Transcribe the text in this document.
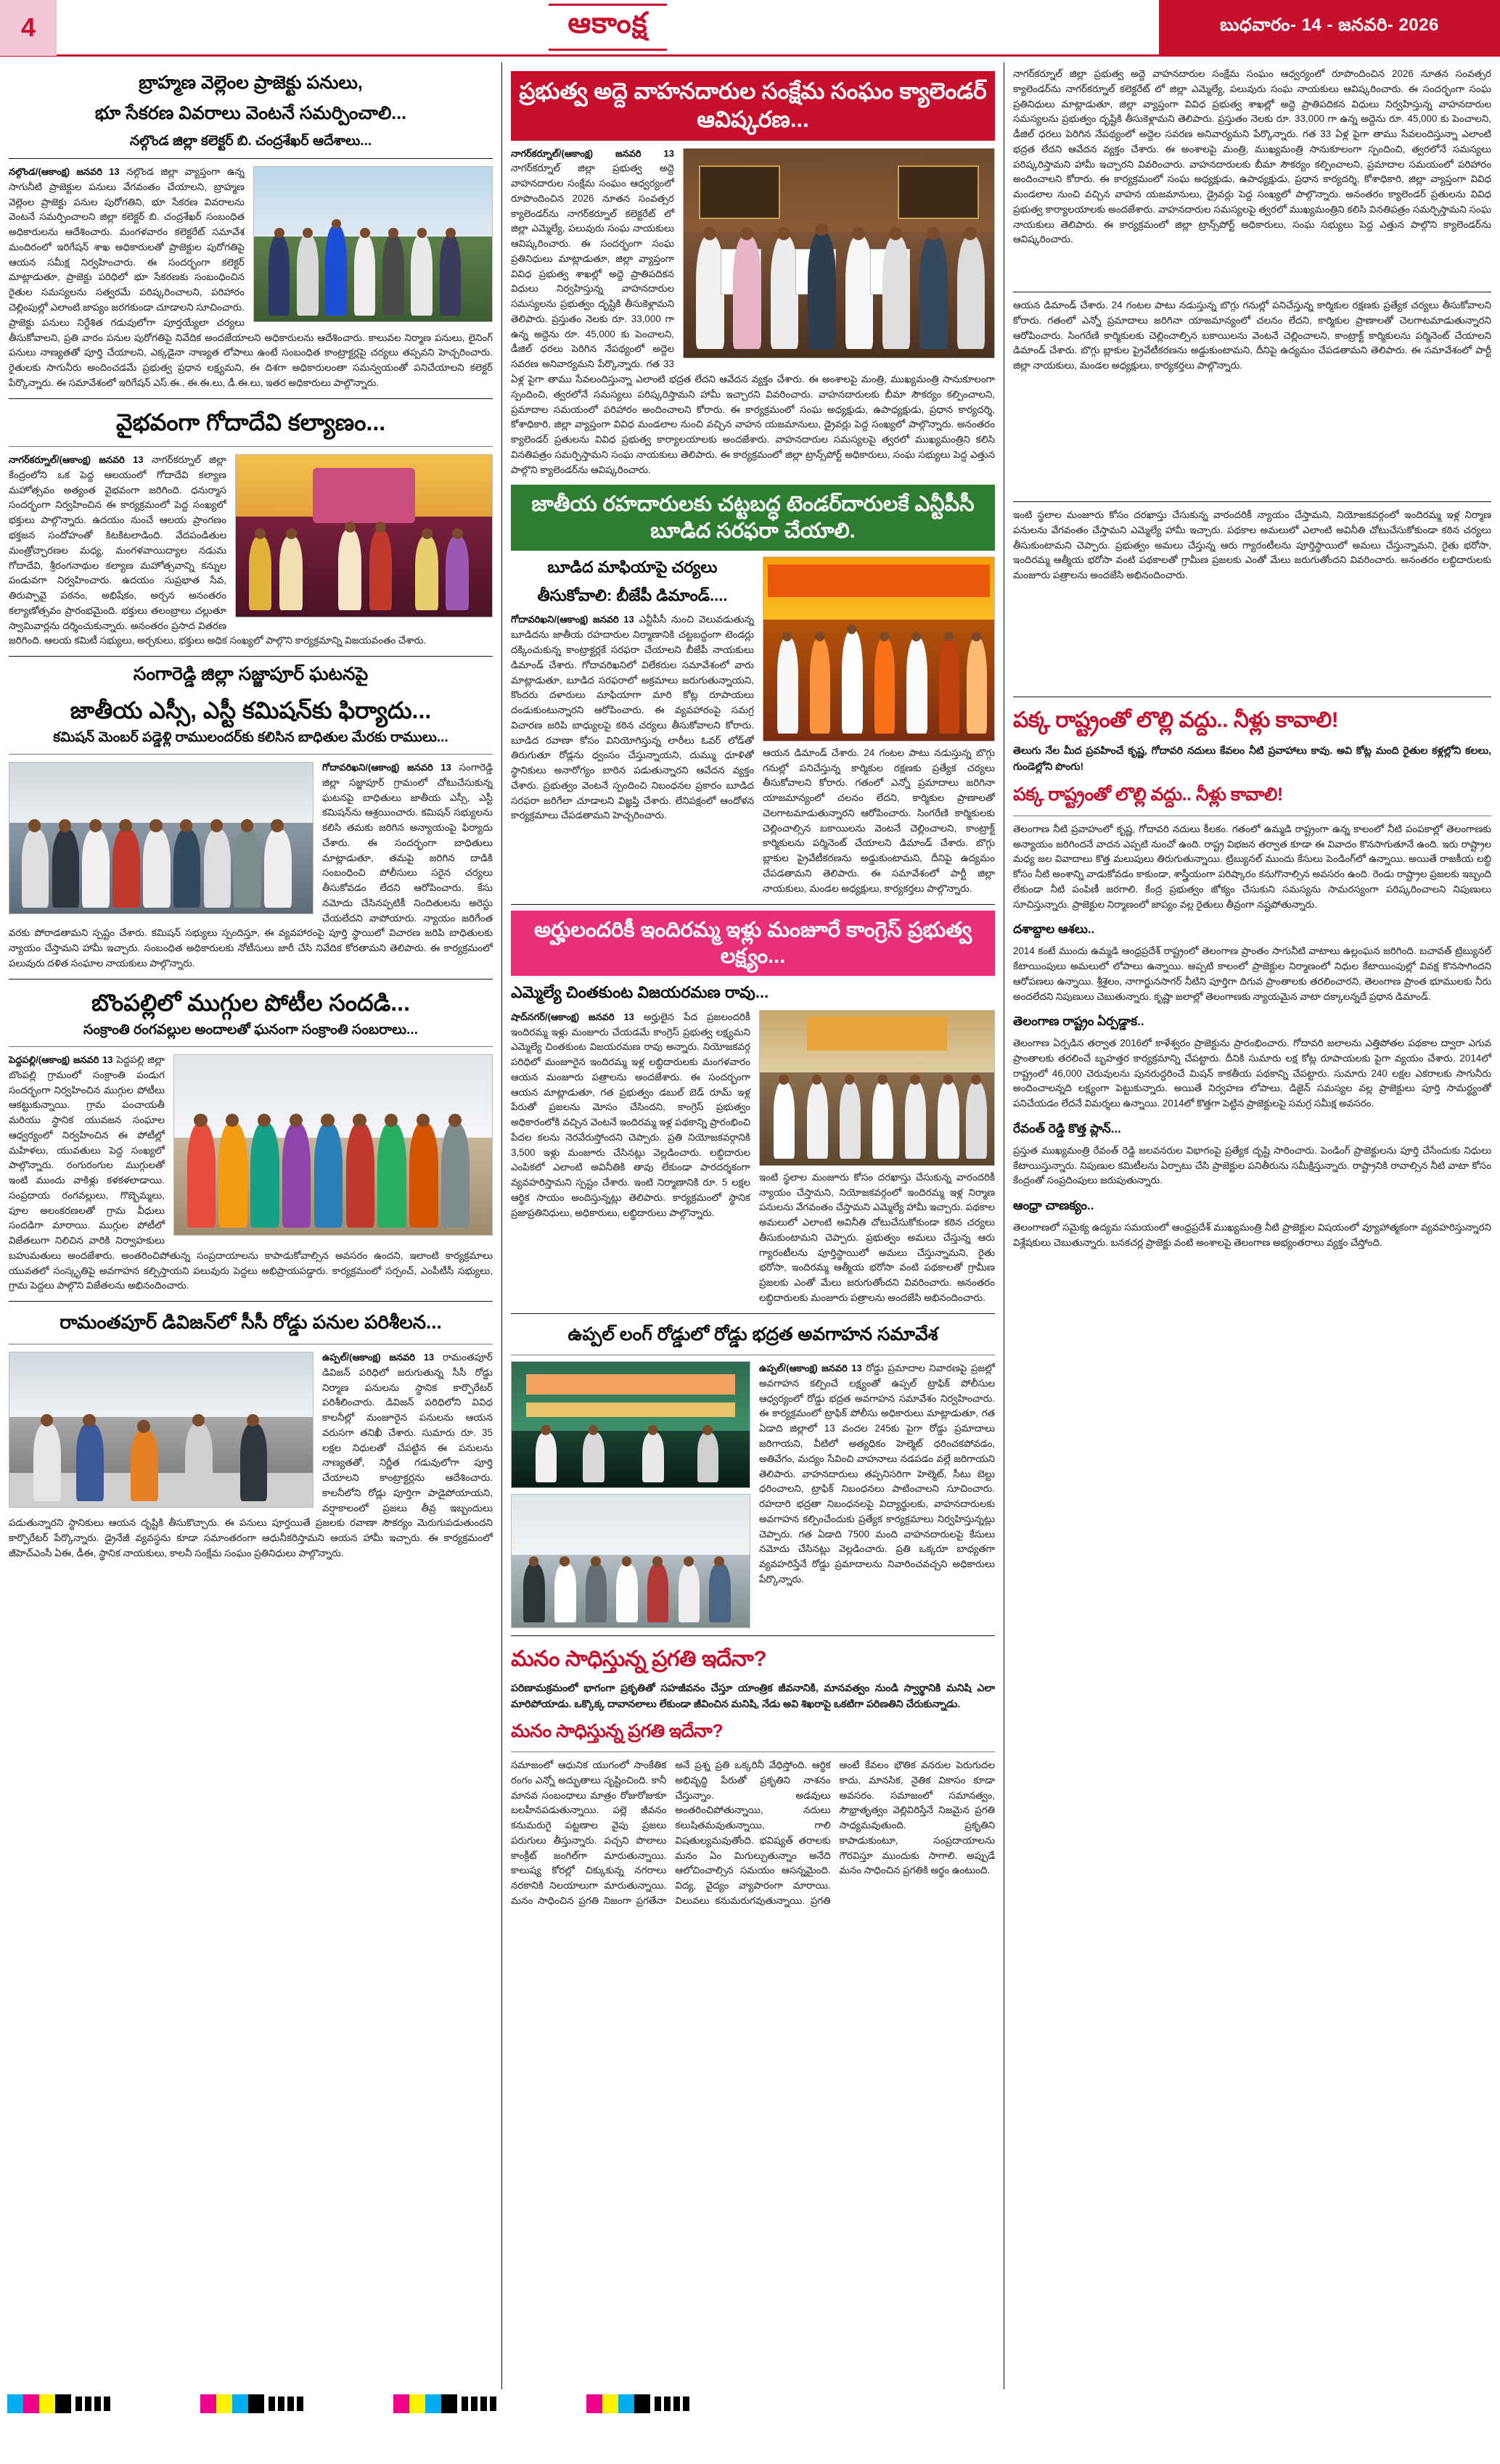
4	ఆకాంక్ష	బుధవారం- 14 - జనవరి- 2026
బ్రాహ్మణ వెల్లెంల ప్రాజెక్టు పనులు,
భూ సేకరణ వివరాలు వెంటనే సమర్పించాలి...
నల్గొండ జిల్లా కలెక్టర్ బి. చంద్రశేఖర్ ఆదేశాలు...
నల్గొండ/(ఆకాంక్ష) జనవరి 13 నల్గొండ జిల్లా వ్యాప్తంగా ఉన్న సాగునీటి ప్రాజెక్టుల పనులు వేగవంతం చేయాలని, బ్రాహ్మణ వెల్లెంల ప్రాజెక్టు పనుల పురోగతిని, భూ సేకరణ వివరాలను వెంటనే సమర్పించాలని జిల్లా కలెక్టర్ బి. చంద్రశేఖర్ సంబంధిత అధికారులను ఆదేశించారు. మంగళవారం కలెక్టరేట్ సమావేశ మందిరంలో ఇరిగేషన్ శాఖ అధికారులతో ప్రాజెక్టుల పురోగతిపై ఆయన సమీక్ష నిర్వహించారు. ఈ సందర్భంగా కలెక్టర్ మాట్లాడుతూ, ప్రాజెక్టు పరిధిలో భూ సేకరణకు సంబంధించిన రైతుల సమస్యలను సత్వరమే పరిష్కరించాలని, పరిహారం చెల్లింపుల్లో ఎలాంటి జాప్యం జరగకుండా చూడాలని సూచించారు. ప్రాజెక్టు పనులు నిర్దేశిత గడువులోగా పూర్తయ్యేలా చర్యలు తీసుకోవాలని, ప్రతి వారం పనుల పురోగతిపై నివేదిక అందజేయాలని అధికారులను ఆదేశించారు. కాలువల నిర్మాణ పనులు, లైనింగ్ పనులు నాణ్యతతో పూర్తి చేయాలని, ఎక్కడైనా నాణ్యత లోపాలు ఉంటే సంబంధిత కాంట్రాక్టర్లపై చర్యలు తప్పవని హెచ్చరించారు. రైతులకు సాగునీరు అందించడమే ప్రభుత్వ ప్రధాన లక్ష్యమని, ఈ దిశగా అధికారులంతా సమన్వయంతో పనిచేయాలని కలెక్టర్ పేర్కొన్నారు. ఈ సమావేశంలో ఇరిగేషన్ ఎస్.ఈ., ఈ.ఈ.లు, డీ.ఈ.లు, ఇతర అధికారులు పాల్గొన్నారు.
వైభవంగా గోదాదేవి కల్యాణం...
నాగర్‌కర్నూల్/(ఆకాంక్ష) జనవరి 13 నాగర్‌కర్నూల్ జిల్లా కేంద్రంలోని ఒక పెద్ద ఆలయంలో గోదాదేవి కల్యాణ మహోత్సవం అత్యంత వైభవంగా జరిగింది. ధనుర్మాస సందర్భంగా నిర్వహించిన ఈ కార్యక్రమంలో పెద్ద సంఖ్యలో భక్తులు పాల్గొన్నారు. ఉదయం నుంచే ఆలయ ప్రాంగణం భక్తజన సందోహంతో కిటకిటలాడింది. వేదపండితుల మంత్రోచ్ఛారణల మధ్య, మంగళవాయిద్యాల నడుమ గోదాదేవి, శ్రీరంగనాథుల కల్యాణ మహోత్సవాన్ని కన్నుల పండువగా నిర్వహించారు. ఉదయం సుప్రభాత సేవ, తిరుప్పావై పఠనం, అభిషేకం, అర్చన అనంతరం కల్యాణోత్సవం ప్రారంభమైంది. భక్తులు తలంబ్రాలు చల్లుతూ స్వామివార్లను దర్శించుకున్నారు. అనంతరం ప్రసాద వితరణ జరిగింది. ఆలయ కమిటీ సభ్యులు, అర్చకులు, భక్తులు అధిక సంఖ్యలో పాల్గొని కార్యక్రమాన్ని విజయవంతం చేశారు.
సంగారెడ్డి జిల్లా సజ్జాపూర్ ఘటనపై
జాతీయ ఎస్సీ, ఎస్టీ కమిషన్‌కు ఫిర్యాదు...
కమిషన్ మెంబర్ పడ్డెళ్లి రాములందర్‌కు కలిసిన బాధితుల మేరకు రాములు...
గోదావరిఖని/(ఆకాంక్ష) జనవరి 13 సంగారెడ్డి జిల్లా సజ్జాపూర్ గ్రామంలో చోటుచేసుకున్న ఘటనపై బాధితులు జాతీయ ఎస్సీ, ఎస్టీ కమిషన్‌ను ఆశ్రయించారు. కమిషన్ సభ్యులను కలిసి తమకు జరిగిన అన్యాయంపై ఫిర్యాదు చేశారు. ఈ సందర్భంగా బాధితులు మాట్లాడుతూ, తమపై జరిగిన దాడికి సంబంధించి పోలీసులు సరైన చర్యలు తీసుకోవడం లేదని ఆరోపించారు. కేసు నమోదు చేసినప్పటికీ నిందితులను అరెస్టు చేయలేదని వాపోయారు. న్యాయం జరిగేంత వరకు పోరాడతామని స్పష్టం చేశారు. కమిషన్ సభ్యులు స్పందిస్తూ, ఈ వ్యవహారంపై పూర్తి స్థాయిలో విచారణ జరిపి బాధితులకు న్యాయం చేస్తామని హామీ ఇచ్చారు. సంబంధిత అధికారులకు నోటీసులు జారీ చేసి నివేదిక కోరతామని తెలిపారు. ఈ కార్యక్రమంలో పలువురు దళిత సంఘాల నాయకులు పాల్గొన్నారు.
బొంపల్లిలో ముగ్గుల పోటీల సందడి...
సంక్రాంతి రంగవల్లుల అందాలతో ఘనంగా సంక్రాంతి సంబరాలు...
పెద్దపల్లి/(ఆకాంక్ష) జనవరి 13 పెద్దపల్లి జిల్లా బొంపల్లి గ్రామంలో సంక్రాంతి పండుగ సందర్భంగా నిర్వహించిన ముగ్గుల పోటీలు ఆకట్టుకున్నాయి. గ్రామ పంచాయతీ మరియు స్థానిక యువజన సంఘాల ఆధ్వర్యంలో నిర్వహించిన ఈ పోటీల్లో మహిళలు, యువతులు పెద్ద సంఖ్యలో పాల్గొన్నారు. రంగురంగుల ముగ్గులతో ఇంటి ముందు వాకిళ్లు కళకళలాడాయి. సంప్రదాయ రంగవల్లులు, గొబ్బెమ్మలు, పూల అలంకరణలతో గ్రామ వీధులు సందడిగా మారాయి. ముగ్గుల పోటీలో విజేతలుగా నిలిచిన వారికి నిర్వాహకులు బహుమతులు అందజేశారు. అంతరించిపోతున్న సంప్రదాయాలను కాపాడుకోవాల్సిన అవసరం ఉందని, ఇలాంటి కార్యక్రమాలు యువతలో సంస్కృతిపై అవగాహన కల్పిస్తాయని పలువురు పెద్దలు అభిప్రాయపడ్డారు. కార్యక్రమంలో సర్పంచ్, ఎంపీటీసీ సభ్యులు, గ్రామ పెద్దలు పాల్గొని విజేతలను అభినందించారు.
రామంతపూర్ డివిజన్‌లో సీసీ రోడ్డు పనుల పరిశీలన...
ఉప్పల్/(ఆకాంక్ష) జనవరి 13 రామంతపూర్ డివిజన్ పరిధిలో జరుగుతున్న సీసీ రోడ్డు నిర్మాణ పనులను స్థానిక కార్పొరేటర్ పరిశీలించారు. డివిజన్ పరిధిలోని వివిధ కాలనీల్లో మంజూరైన పనులను ఆయన వరుసగా తనిఖీ చేశారు. సుమారు రూ. 35 లక్షల నిధులతో చేపట్టిన ఈ పనులను నాణ్యతతో, నిర్ణీత గడువులోగా పూర్తి చేయాలని కాంట్రాక్టర్లను ఆదేశించారు. కాలనీలోని రోడ్లు పూర్తిగా పాడైపోయాయని, వర్షాకాలంలో ప్రజలు తీవ్ర ఇబ్బందులు పడుతున్నారని స్థానికులు ఆయన దృష్టికి తీసుకొచ్చారు. ఈ పనులు పూర్తయితే ప్రజలకు రవాణా సౌకర్యం మెరుగుపడుతుందని కార్పొరేటర్ పేర్కొన్నారు. డ్రైనేజీ వ్యవస్థను కూడా సమాంతరంగా ఆధునీకరిస్తామని ఆయన హామీ ఇచ్చారు. ఈ కార్యక్రమంలో జీహెచ్ఎంసీ ఏఈ, డీఈ, స్థానిక నాయకులు, కాలనీ సంక్షేమ సంఘం ప్రతినిధులు పాల్గొన్నారు.
ప్రభుత్వ అద్దె వాహనదారుల సంక్షేమ సంఘం క్యాలెండర్ ఆవిష్కరణ...
నాగర్‌కర్నూల్/(ఆకాంక్ష) జనవరి 13 నాగర్‌కర్నూల్ జిల్లా ప్రభుత్వ అద్దె వాహనదారుల సంక్షేమ సంఘం ఆధ్వర్యంలో రూపొందించిన 2026 నూతన సంవత్సర క్యాలెండర్‌ను నాగర్‌కర్నూల్ కలెక్టరేట్ లో జిల్లా ఎమ్మెల్యే, పలువురు సంఘ నాయకులు ఆవిష్కరించారు. ఈ సందర్భంగా సంఘ ప్రతినిధులు మాట్లాడుతూ, జిల్లా వ్యాప్తంగా వివిధ ప్రభుత్వ శాఖల్లో అద్దె ప్రాతిపదికన విధులు నిర్వహిస్తున్న వాహనదారుల సమస్యలను ప్రభుత్వం దృష్టికి తీసుకెళ్లామని తెలిపారు. ప్రస్తుతం నెలకు రూ. 33,000 గా ఉన్న అద్దెను రూ. 45,000 కు పెంచాలని, డీజిల్ ధరలు పెరిగిన నేపథ్యంలో అద్దెల సవరణ అనివార్యమని పేర్కొన్నారు. గత 33 ఏళ్ల పైగా తాము సేవలందిస్తున్నా ఎలాంటి భద్రత లేదని ఆవేదన వ్యక్తం చేశారు. ఈ అంశాలపై మంత్రి, ముఖ్యమంత్రి సానుకూలంగా స్పందించి, త్వరలోనే సమస్యలు పరిష్కరిస్తామని హామీ ఇచ్చారని వివరించారు. వాహనదారులకు బీమా సౌకర్యం కల్పించాలని, ప్రమాదాల సమయంలో పరిహారం అందించాలని కోరారు. ఈ కార్యక్రమంలో సంఘ అధ్యక్షుడు, ఉపాధ్యక్షుడు, ప్రధాన కార్యదర్శి, కోశాధికారి, జిల్లా వ్యాప్తంగా వివిధ మండలాల నుంచి వచ్చిన వాహన యజమానులు, డ్రైవర్లు పెద్ద సంఖ్యలో పాల్గొన్నారు. అనంతరం క్యాలెండర్ ప్రతులను వివిధ ప్రభుత్వ కార్యాలయాలకు అందజేశారు. వాహనదారుల సమస్యలపై త్వరలో ముఖ్యమంత్రిని కలిసి వినతిపత్రం సమర్పిస్తామని సంఘ నాయకులు తెలిపారు. ఈ కార్యక్రమంలో జిల్లా ట్రాన్స్‌పోర్ట్ అధికారులు, సంఘ సభ్యులు పెద్ద ఎత్తున పాల్గొని క్యాలెండర్‌ను ఆవిష్కరించారు.
జాతీయ రహదారులకు చట్టబద్ధ టెండర్‌దారులకే ఎన్టీపీసీ బూడిద సరఫరా చేయాలి.
బూడిద మాఫియాపై చర్యలు
తీసుకోవాలి: బీజేపీ డిమాండ్....
గోదావరిఖని/(ఆకాంక్ష) జనవరి 13 ఎన్టీపీసీ నుంచి వెలువడుతున్న బూడిదను జాతీయ రహదారుల నిర్మాణానికి చట్టబద్ధంగా టెండర్లు దక్కించుకున్న కాంట్రాక్టర్లకే సరఫరా చేయాలని బీజేపీ నాయకులు డిమాండ్ చేశారు. గోదావరిఖనిలో విలేకరుల సమావేశంలో వారు మాట్లాడుతూ, బూడిద సరఫరాలో అక్రమాలు జరుగుతున్నాయని, కొందరు దళారులు మాఫియాగా మారి కోట్ల రూపాయలు దండుకుంటున్నారని ఆరోపించారు. ఈ వ్యవహారంపై సమగ్ర విచారణ జరిపి బాధ్యులపై కఠిన చర్యలు తీసుకోవాలని కోరారు. బూడిద రవాణా కోసం వినియోగిస్తున్న లారీలు ఓవర్ లోడ్‌తో తిరుగుతూ రోడ్లను ధ్వంసం చేస్తున్నాయని, దుమ్ము ధూళితో స్థానికులు అనారోగ్యం బారిన పడుతున్నారని ఆవేదన వ్యక్తం చేశారు. ప్రభుత్వం వెంటనే స్పందించి నిబంధనల ప్రకారం బూడిద సరఫరా జరిగేలా చూడాలని విజ్ఞప్తి చేశారు. లేనిపక్షంలో ఆందోళన కార్యక్రమాలు చేపడతామని హెచ్చరించారు.
ఆయన డిమాండ్ చేశారు. 24 గంటల పాటు నడుస్తున్న బొగ్గు గనుల్లో పనిచేస్తున్న కార్మికుల రక్షణకు ప్రత్యేక చర్యలు తీసుకోవాలని కోరారు. గతంలో ఎన్నో ప్రమాదాలు జరిగినా యాజమాన్యంలో చలనం లేదని, కార్మికుల ప్రాణాలతో చెలగాటమాడుతున్నారని ఆరోపించారు. సింగరేణి కార్మికులకు చెల్లించాల్సిన బకాయిలను వెంటనే చెల్లించాలని, కాంట్రాక్ట్ కార్మికులను పర్మినెంట్ చేయాలని డిమాండ్ చేశారు. బొగ్గు బ్లాకుల ప్రైవేటీకరణను అడ్డుకుంటామని, దీనిపై ఉద్యమం చేపడతామని తెలిపారు. ఈ సమావేశంలో పార్టీ జిల్లా నాయకులు, మండల అధ్యక్షులు, కార్యకర్తలు పాల్గొన్నారు.
అర్హులందరికీ ఇందిరమ్మ ఇళ్లు మంజూరే కాంగ్రెస్ ప్రభుత్వ లక్ష్యం...
ఎమ్మెల్యే చింతకుంట విజయరమణ రావు...
షాద్‌నగర్/(ఆకాంక్ష) జనవరి 13 అర్హులైన పేద ప్రజలందరికీ ఇందిరమ్మ ఇళ్లు మంజూరు చేయడమే కాంగ్రెస్ ప్రభుత్వ లక్ష్యమని ఎమ్మెల్యే చింతకుంట విజయరమణ రావు అన్నారు. నియోజకవర్గ పరిధిలో మంజూరైన ఇందిరమ్మ ఇళ్ల లబ్ధిదారులకు మంగళవారం ఆయన మంజూరు పత్రాలను అందజేశారు. ఈ సందర్భంగా ఆయన మాట్లాడుతూ, గత ప్రభుత్వం డబుల్ బెడ్ రూమ్ ఇళ్ల పేరుతో ప్రజలను మోసం చేసిందని, కాంగ్రెస్ ప్రభుత్వం అధికారంలోకి వచ్చిన వెంటనే ఇందిరమ్మ ఇళ్ల పథకాన్ని ప్రారంభించి పేదల కలను నెరవేరుస్తోందని చెప్పారు. ప్రతి నియోజకవర్గానికి 3,500 ఇళ్లు మంజూరు చేసినట్లు వెల్లడించారు. లబ్ధిదారుల ఎంపికలో ఎలాంటి అవినీతికి తావు లేకుండా పారదర్శకంగా వ్యవహరిస్తామని స్పష్టం చేశారు. ఇంటి నిర్మాణానికి రూ. 5 లక్షల ఆర్థిక సాయం అందిస్తున్నట్లు తెలిపారు. కార్యక్రమంలో స్థానిక ప్రజాప్రతినిధులు, అధికారులు, లబ్ధిదారులు పాల్గొన్నారు.
ఇంటి స్థలాల మంజూరు కోసం దరఖాస్తు చేసుకున్న వారందరికీ న్యాయం చేస్తామని, నియోజకవర్గంలో ఇందిరమ్మ ఇళ్ల నిర్మాణ పనులను వేగవంతం చేస్తామని ఎమ్మెల్యే హామీ ఇచ్చారు. పథకాల అమలులో ఎలాంటి అవినీతి చోటుచేసుకోకుండా కఠిన చర్యలు తీసుకుంటామని చెప్పారు. ప్రభుత్వం అమలు చేస్తున్న ఆరు గ్యారంటీలను పూర్తిస్థాయిలో అమలు చేస్తున్నామని, రైతు భరోసా, ఇందిరమ్మ ఆత్మీయ భరోసా వంటి పథకాలతో గ్రామీణ ప్రజలకు ఎంతో మేలు జరుగుతోందని వివరించారు. అనంతరం లబ్ధిదారులకు మంజూరు పత్రాలను అందజేసి అభినందించారు.
ఉప్పల్ లంగ్ రోడ్డులో రోడ్డు భద్రత అవగాహన సమావేశ
ఉప్పల్/(ఆకాంక్ష) జనవరి 13 రోడ్డు ప్రమాదాల నివారణపై ప్రజల్లో అవగాహన కల్పించే లక్ష్యంతో ఉప్పల్ ట్రాఫిక్ పోలీసుల ఆధ్వర్యంలో రోడ్డు భద్రత అవగాహన సమావేశం నిర్వహించారు. ఈ కార్యక్రమంలో ట్రాఫిక్ పోలీసు అధికారులు మాట్లాడుతూ, గత ఏడాది జిల్లాలో 13 వందల 245కు పైగా రోడ్డు ప్రమాదాలు జరిగాయని, వీటిలో అత్యధికం హెల్మెట్ ధరించకపోవడం, అతివేగం, మద్యం సేవించి వాహనాలు నడపడం వల్లే జరిగాయని తెలిపారు. వాహనదారులు తప్పనిసరిగా హెల్మెట్, సీటు బెల్టు ధరించాలని, ట్రాఫిక్ నిబంధనలు పాటించాలని సూచించారు. రహదారి భద్రతా నిబంధనలపై విద్యార్థులకు, వాహనదారులకు అవగాహన కల్పించేందుకు ప్రత్యేక కార్యక్రమాలు నిర్వహిస్తున్నట్లు చెప్పారు. గత ఏడాది 7500 మంది వాహనదారులపై కేసులు నమోదు చేసినట్లు వెల్లడించారు. ప్రతి ఒక్కరూ బాధ్యతగా వ్యవహరిస్తేనే రోడ్డు ప్రమాదాలను నివారించవచ్చని అధికారులు పేర్కొన్నారు.
మనం సాధిస్తున్న ప్రగతి ఇదేనా?
పరిణామక్రమంలో భాగంగా ప్రకృతితో సహజీవనం చేస్తూ యాంత్రిక జీవనానికి, మానవత్వం నుండి స్వార్థానికి మనిషి ఎలా మారిపోయాడు. ఒక్కొక్క దావానలాలు లేకుండా జీవించిన మనిషి, నేడు అవి శిఖరాపై ఒకటిగా పరిణతిని చేరుకున్నాడు.
మనం సాధిస్తున్న ప్రగతి ఇదేనా?
సమాజంలో ఆధునిక యుగంలో సాంకేతిక రంగం ఎన్నో అద్భుతాలు సృష్టించింది. కానీ మానవ సంబంధాలు మాత్రం రోజురోజుకూ బలహీనపడుతున్నాయి. పల్లె జీవనం కనుమరుగై పట్టణాల వైపు ప్రజలు పరుగులు తీస్తున్నారు. పచ్చని పొలాలు కాంక్రీట్ జంగిల్‌గా మారుతున్నాయి. కాలుష్య కోరల్లో చిక్కుకున్న నగరాలు నరకానికి నిలయాలుగా మారుతున్నాయి. మనం సాధించిన ప్రగతి నిజంగా ప్రగతేనా అనే ప్రశ్న ప్రతి ఒక్కరినీ వేధిస్తోంది. ఆర్థిక అభివృద్ధి పేరుతో ప్రకృతిని నాశనం చేస్తున్నాం. అడవులు అంతరించిపోతున్నాయి, నదులు కలుషితమవుతున్నాయి, గాలి విషతుల్యమవుతోంది. భవిష్యత్ తరాలకు మనం ఏం మిగుల్చుతున్నాం అనేది ఆలోచించాల్సిన సమయం ఆసన్నమైంది. విద్య, వైద్యం వ్యాపారంగా మారాయి. విలువలు కనుమరుగవుతున్నాయి. ప్రగతి అంటే కేవలం భౌతిక వనరుల పెరుగుదల కాదు, మానసిక, నైతిక వికాసం కూడా అవసరం. సమాజంలో సమానత్వం, సౌభ్రాతృత్వం వెల్లివిరిస్తేనే నిజమైన ప్రగతి సాధ్యమవుతుంది. ప్రకృతిని కాపాడుకుంటూ, సంప్రదాయాలను గౌరవిస్తూ ముందుకు సాగాలి. అప్పుడే మనం సాధించిన ప్రగతికి అర్థం ఉంటుంది.
నాగర్‌కర్నూల్ జిల్లా ప్రభుత్వ అద్దె వాహనదారుల సంక్షేమ సంఘం ఆధ్వర్యంలో రూపొందించిన 2026 నూతన సంవత్సర క్యాలెండర్‌ను నాగర్‌కర్నూల్ కలెక్టరేట్ లో జిల్లా ఎమ్మెల్యే, పలువురు సంఘ నాయకులు ఆవిష్కరించారు. ఈ సందర్భంగా సంఘ ప్రతినిధులు మాట్లాడుతూ, జిల్లా వ్యాప్తంగా వివిధ ప్రభుత్వ శాఖల్లో అద్దె ప్రాతిపదికన విధులు నిర్వహిస్తున్న వాహనదారుల సమస్యలను ప్రభుత్వం దృష్టికి తీసుకెళ్లామని తెలిపారు. ప్రస్తుతం నెలకు రూ. 33,000 గా ఉన్న అద్దెను రూ. 45,000 కు పెంచాలని, డీజిల్ ధరలు పెరిగిన నేపథ్యంలో అద్దెల సవరణ అనివార్యమని పేర్కొన్నారు. గత 33 ఏళ్ల పైగా తాము సేవలందిస్తున్నా ఎలాంటి భద్రత లేదని ఆవేదన వ్యక్తం చేశారు. ఈ అంశాలపై మంత్రి, ముఖ్యమంత్రి సానుకూలంగా స్పందించి, త్వరలోనే సమస్యలు పరిష్కరిస్తామని హామీ ఇచ్చారని వివరించారు. వాహనదారులకు బీమా సౌకర్యం కల్పించాలని, ప్రమాదాల సమయంలో పరిహారం అందించాలని కోరారు. ఈ కార్యక్రమంలో సంఘ అధ్యక్షుడు, ఉపాధ్యక్షుడు, ప్రధాన కార్యదర్శి, కోశాధికారి, జిల్లా వ్యాప్తంగా వివిధ మండలాల నుంచి వచ్చిన వాహన యజమానులు, డ్రైవర్లు పెద్ద సంఖ్యలో పాల్గొన్నారు. అనంతరం క్యాలెండర్ ప్రతులను వివిధ ప్రభుత్వ కార్యాలయాలకు అందజేశారు. వాహనదారుల సమస్యలపై త్వరలో ముఖ్యమంత్రిని కలిసి వినతిపత్రం సమర్పిస్తామని సంఘ నాయకులు తెలిపారు. ఈ కార్యక్రమంలో జిల్లా ట్రాన్స్‌పోర్ట్ అధికారులు, సంఘ సభ్యులు పెద్ద ఎత్తున పాల్గొని క్యాలెండర్‌ను ఆవిష్కరించారు.
ఆయన డిమాండ్ చేశారు. 24 గంటల పాటు నడుస్తున్న బొగ్గు గనుల్లో పనిచేస్తున్న కార్మికుల రక్షణకు ప్రత్యేక చర్యలు తీసుకోవాలని కోరారు. గతంలో ఎన్నో ప్రమాదాలు జరిగినా యాజమాన్యంలో చలనం లేదని, కార్మికుల ప్రాణాలతో చెలగాటమాడుతున్నారని ఆరోపించారు. సింగరేణి కార్మికులకు చెల్లించాల్సిన బకాయిలను వెంటనే చెల్లించాలని, కాంట్రాక్ట్ కార్మికులను పర్మినెంట్ చేయాలని డిమాండ్ చేశారు. బొగ్గు బ్లాకుల ప్రైవేటీకరణను అడ్డుకుంటామని, దీనిపై ఉద్యమం చేపడతామని తెలిపారు. ఈ సమావేశంలో పార్టీ జిల్లా నాయకులు, మండల అధ్యక్షులు, కార్యకర్తలు పాల్గొన్నారు.
ఇంటి స్థలాల మంజూరు కోసం దరఖాస్తు చేసుకున్న వారందరికీ న్యాయం చేస్తామని, నియోజకవర్గంలో ఇందిరమ్మ ఇళ్ల నిర్మాణ పనులను వేగవంతం చేస్తామని ఎమ్మెల్యే హామీ ఇచ్చారు. పథకాల అమలులో ఎలాంటి అవినీతి చోటుచేసుకోకుండా కఠిన చర్యలు తీసుకుంటామని చెప్పారు. ప్రభుత్వం అమలు చేస్తున్న ఆరు గ్యారంటీలను పూర్తిస్థాయిలో అమలు చేస్తున్నామని, రైతు భరోసా, ఇందిరమ్మ ఆత్మీయ భరోసా వంటి పథకాలతో గ్రామీణ ప్రజలకు ఎంతో మేలు జరుగుతోందని వివరించారు. అనంతరం లబ్ధిదారులకు మంజూరు పత్రాలను అందజేసి అభినందించారు.
పక్క రాష్ట్రంతో లొల్లి వద్దు.. నీళ్లు కావాలి!
తెలుగు నేల మీద ప్రవహించే కృష్ణ, గోదావరి నదులు కేవలం నీటి ప్రవాహాలు కావు. అవి కోట్ల మంది రైతుల కళ్లల్లోని కలలు, గుండెల్లోని పొంగు!
పక్క రాష్ట్రంతో లొల్లి వద్దు.. నీళ్లు కావాలి!
తెలంగాణ నీటి ప్రవాహంలో కృష్ణ, గోదావరి నదులు కీలకం. గతంలో ఉమ్మడి రాష్ట్రంగా ఉన్న కాలంలో నీటి పంపకాల్లో తెలంగాణకు అన్యాయం జరిగిందనే వాదన ఎప్పటి నుంచో ఉంది. రాష్ట్ర విభజన తర్వాత కూడా ఈ వివాదం కొనసాగుతూనే ఉంది. ఇరు రాష్ట్రాల మధ్య జల వివాదాలు కొత్త మలుపులు తిరుగుతున్నాయి. ట్రిబ్యునల్ ముందు కేసులు పెండింగ్‌లో ఉన్నాయి. అయితే రాజకీయ లబ్ధి కోసం నీటి అంశాన్ని వాడుకోవడం కాకుండా, శాస్త్రీయంగా పరిష్కారం కనుగొనాల్సిన అవసరం ఉంది. రెండు రాష్ట్రాల ప్రజలకు ఇబ్బంది లేకుండా నీటి పంపిణీ జరగాలి. కేంద్ర ప్రభుత్వం జోక్యం చేసుకుని సమస్యను సామరస్యంగా పరిష్కరించాలని నిపుణులు సూచిస్తున్నారు. ప్రాజెక్టుల నిర్మాణంలో జాప్యం వల్ల రైతులు తీవ్రంగా నష్టపోతున్నారు.
దశాబ్దాల ఆశలు..
2014 కంటే ముందు ఉమ్మడి ఆంధ్రప్రదేశ్ రాష్ట్రంలో తెలంగాణ ప్రాంతం సాగునీటి వాటాలు ఉల్లంఘన జరిగింది. బచావత్ ట్రిబ్యునల్ కేటాయింపులు అమలులో లోపాలు ఉన్నాయి. అప్పటి కాలంలో ప్రాజెక్టుల నిర్మాణంలో నిధుల కేటాయింపుల్లో వివక్ష కొనసాగిందని ఆరోపణలు ఉన్నాయి. శ్రీశైలం, నాగార్జునసాగర్ నీటిని పూర్తిగా దిగువ ప్రాంతాలకు తరలించారని, తెలంగాణ ప్రాంత భూములకు నీరు అందలేదని నిపుణులు చెబుతున్నారు. కృష్ణా జలాల్లో తెలంగాణకు న్యాయమైన వాటా దక్కాలన్నదే ప్రధాన డిమాండ్.
తెలంగాణ రాష్ట్రం ఏర్పడ్డాక..
తెలంగాణ ఏర్పడిన తర్వాత 2016లో కాళేశ్వరం ప్రాజెక్టును ప్రారంభించారు. గోదావరి జలాలను ఎత్తిపోతల పథకాల ద్వారా ఎగువ ప్రాంతాలకు తరలించే బృహత్తర కార్యక్రమాన్ని చేపట్టారు. దీనికి సుమారు లక్ష కోట్ల రూపాయలకు పైగా వ్యయం చేశారు. 2014లో రాష్ట్రంలో 46,000 చెరువులను పునరుద్ధరించే మిషన్ కాకతీయ పథకాన్ని చేపట్టారు. సుమారు 240 లక్షల ఎకరాలకు సాగునీరు అందించాలన్నది లక్ష్యంగా పెట్టుకున్నారు. అయితే నిర్వహణ లోపాలు, డిజైన్ సమస్యల వల్ల ప్రాజెక్టులు పూర్తి సామర్థ్యంతో పనిచేయడం లేదనే విమర్శలు ఉన్నాయి. 2014లో కొత్తగా పెట్టిన ప్రాజెక్టులపై సమగ్ర సమీక్ష అవసరం.
రేవంత్ రెడ్డి కొత్త ప్లాన్...
ప్రస్తుత ముఖ్యమంత్రి రేవంత్ రెడ్డి జలవనరుల విభాగంపై ప్రత్యేక దృష్టి సారించారు. పెండింగ్ ప్రాజెక్టులను పూర్తి చేసేందుకు నిధులు కేటాయిస్తున్నారు. నిపుణుల కమిటీలను ఏర్పాటు చేసి ప్రాజెక్టుల పనితీరును సమీక్షిస్తున్నారు. రాష్ట్రానికి రావాల్సిన నీటి వాటా కోసం కేంద్రంతో సంప్రదింపులు జరుపుతున్నారు.
ఆంధ్రా చాణక్యం..
తెలంగాణలో సమైక్య ఉద్యమ సమయంలో ఆంధ్రప్రదేశ్ ముఖ్యమంత్రి నీటి ప్రాజెక్టుల విషయంలో వ్యూహాత్మకంగా వ్యవహరిస్తున్నారని విశ్లేషకులు చెబుతున్నారు. బనకచర్ల ప్రాజెక్టు వంటి అంశాలపై తెలంగాణ అభ్యంతరాలు వ్యక్తం చేస్తోంది.
